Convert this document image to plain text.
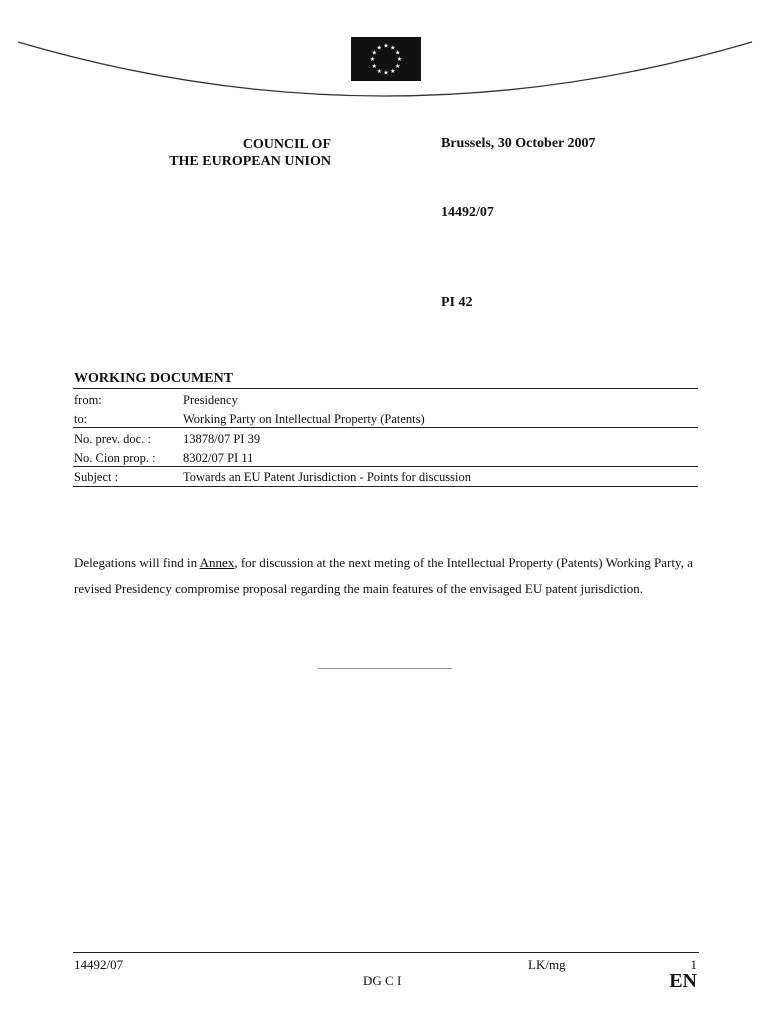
★ ★
★
★
★
★
★
★
★
★
★
★
COUNCIL OF
THE EUROPEAN UNION
Brussels, 30 October 2007
14492/07
PI 42
WORKING DOCUMENT
from:	Presidency
to:	Working Party on Intellectual Property (Patents)
No. prev. doc. :	13878/07 PI 39
No. Cion prop. :	8302/07 PI 11
Subject :	Towards an EU Patent Jurisdiction - Points for discussion
Delegations will find in Annex, for discussion at the next meting of the Intellectual Property (Patents) Working Party, a revised Presidency compromise proposal regarding the main features of the envisaged EU patent jurisdiction.
14492/07	LK/mg	1
DG C I	EN
